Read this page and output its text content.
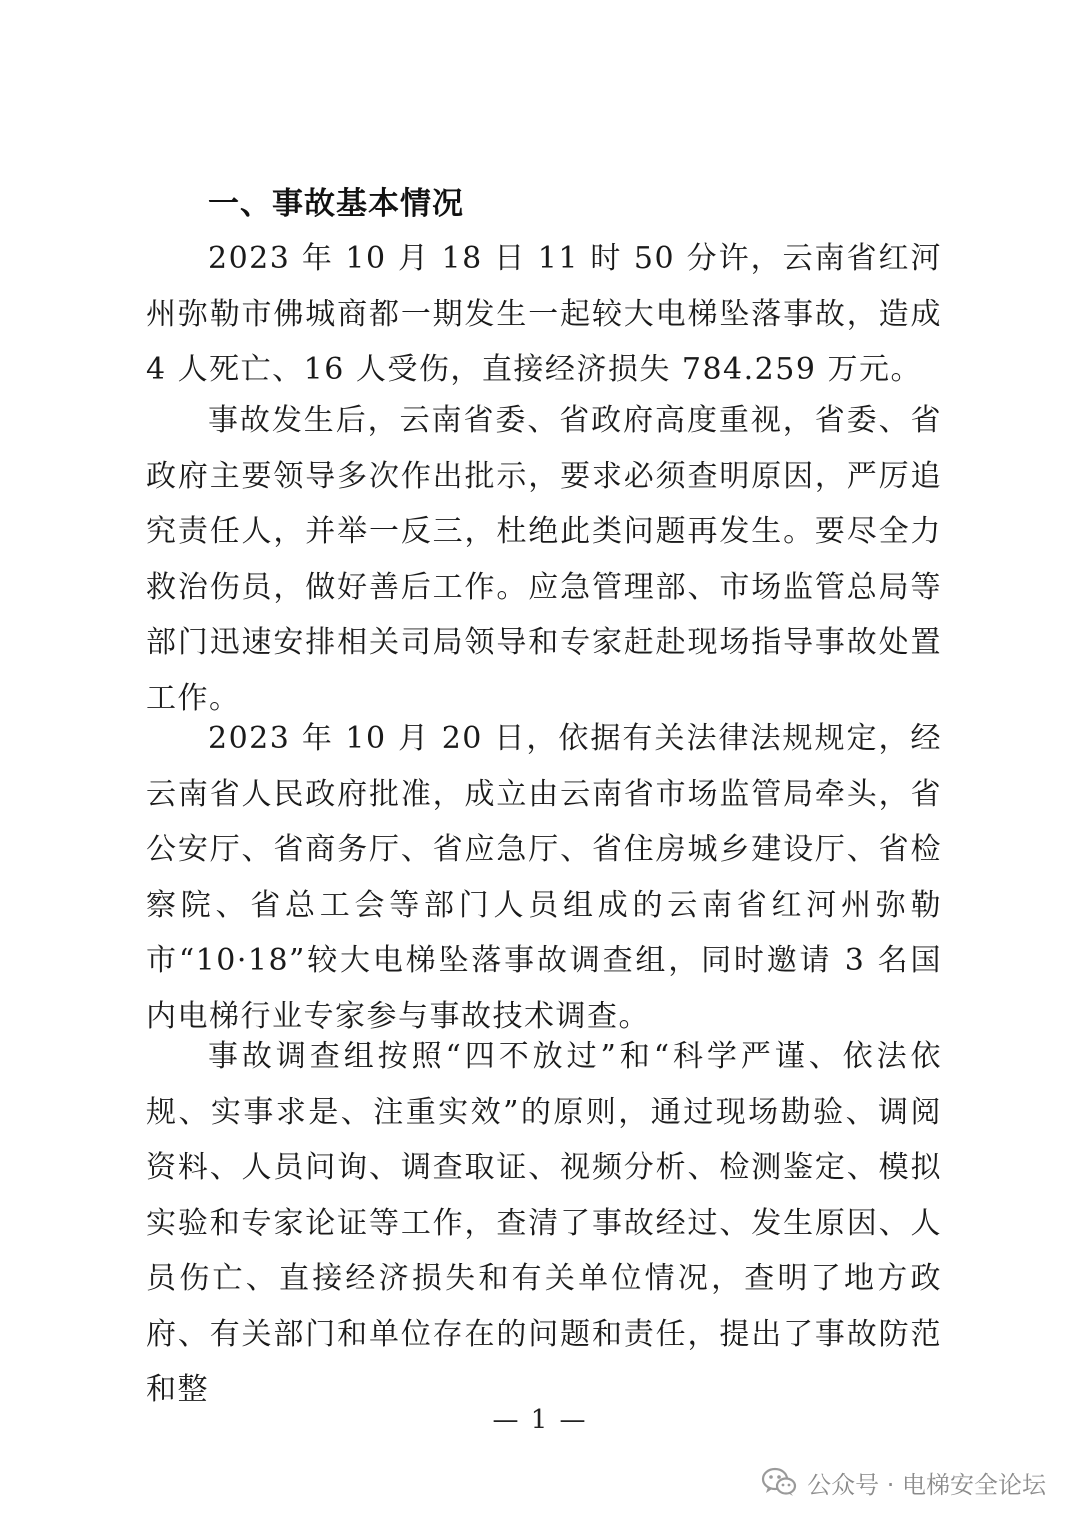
一、事故基本情况
2023 年 10 月 18 日 11 时 50 分许，云南省红河州弥勒市佛城商都一期发生一起较大电梯坠落事故，造成 4 人死亡、16 人受伤，直接经济损失 784.259 万元。
事故发生后，云南省委、省政府高度重视，省委、省政府主要领导多次作出批示，要求必须查明原因，严厉追究责任人，并举一反三，杜绝此类问题再发生。要尽全力救治伤员，做好善后工作。应急管理部、市场监管总局等部门迅速安排相关司局领导和专家赶赴现场指导事故处置工作。
2023 年 10 月 20 日，依据有关法律法规规定，经云南省人民政府批准，成立由云南省市场监管局牵头，省公安厅、省商务厅、省应急厅、省住房城乡建设厅、省检察院、省总工会等部门人员组成的云南省红河州弥勒市“10·18”较大电梯坠落事故调查组，同时邀请 3 名国内电梯行业专家参与事故技术调查。
事故调查组按照“四不放过”和“科学严谨、依法依规、实事求是、注重实效”的原则，通过现场勘验、调阅资料、人员问询、调查取证、视频分析、检测鉴定、模拟实验和专家论证等工作，查清了事故经过、发生原因、人员伤亡、直接经济损失和有关单位情况，查明了地方政府、有关部门和单位存在的问题和责任，提出了事故防范和整
— 1 —
公众号 · 电梯安全论坛
